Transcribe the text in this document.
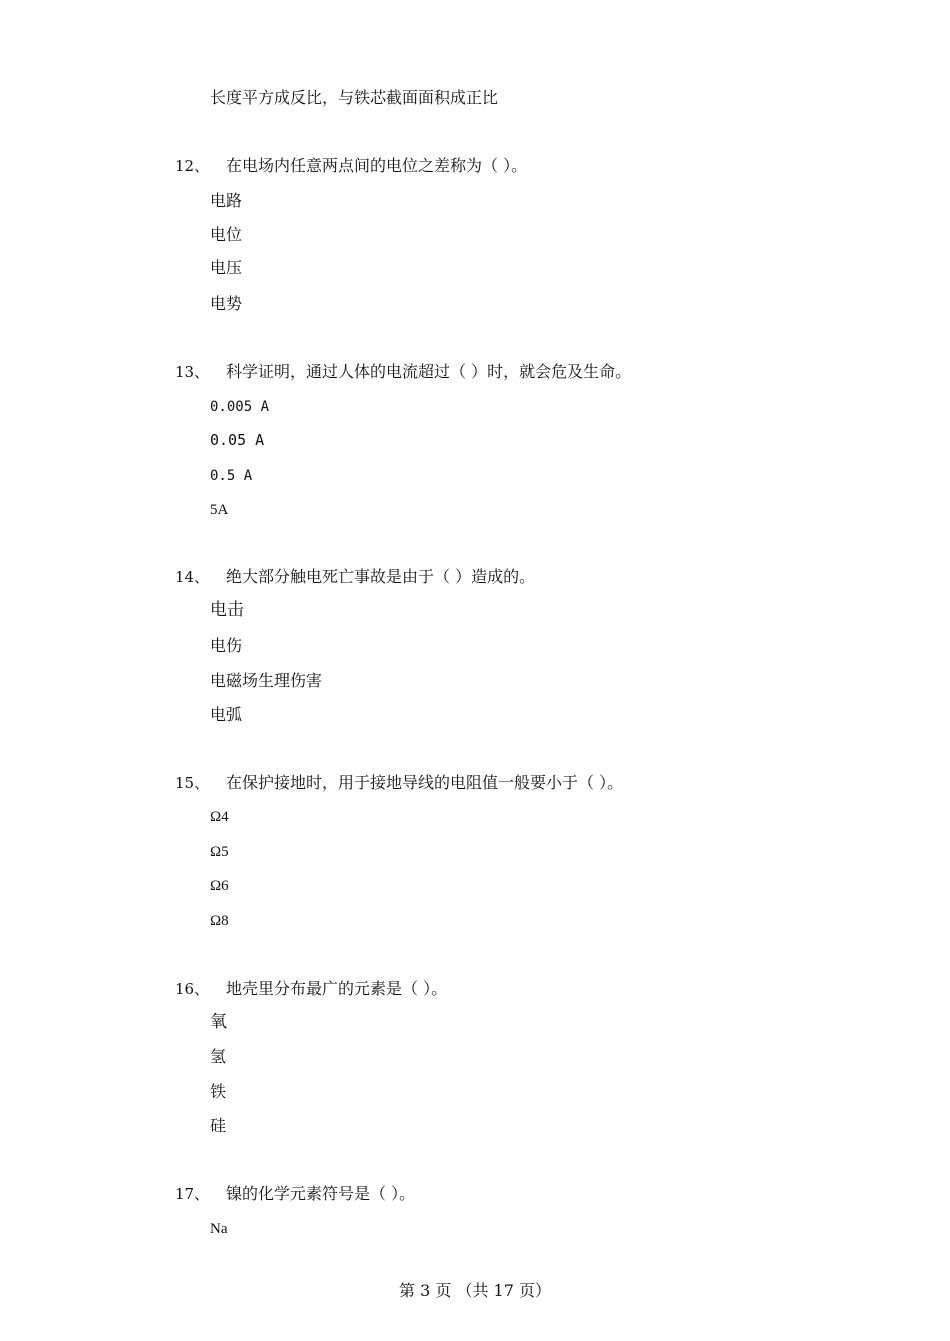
长度平方成反比，与铁芯截面面积成正比
12、 在电场内任意两点间的电位之差称为（ ）。
电路
电位
电压
电势
13、 科学证明，通过人体的电流超过（ ）时，就会危及生命。
0.005 A
0.05 A
0.5 A
5A
14、 绝大部分触电死亡事故是由于（ ）造成的。
电击
电伤
电磁场生理伤害
电弧
15、 在保护接地时，用于接地导线的电阻值一般要小于（ ）。
Ω4
Ω5
Ω6
Ω8
16、 地壳里分布最广的元素是（ ）。
氧
氢
铁
硅
17、 镍的化学元素符号是（ ）。
Na
第 3 页 （共 17 页）
